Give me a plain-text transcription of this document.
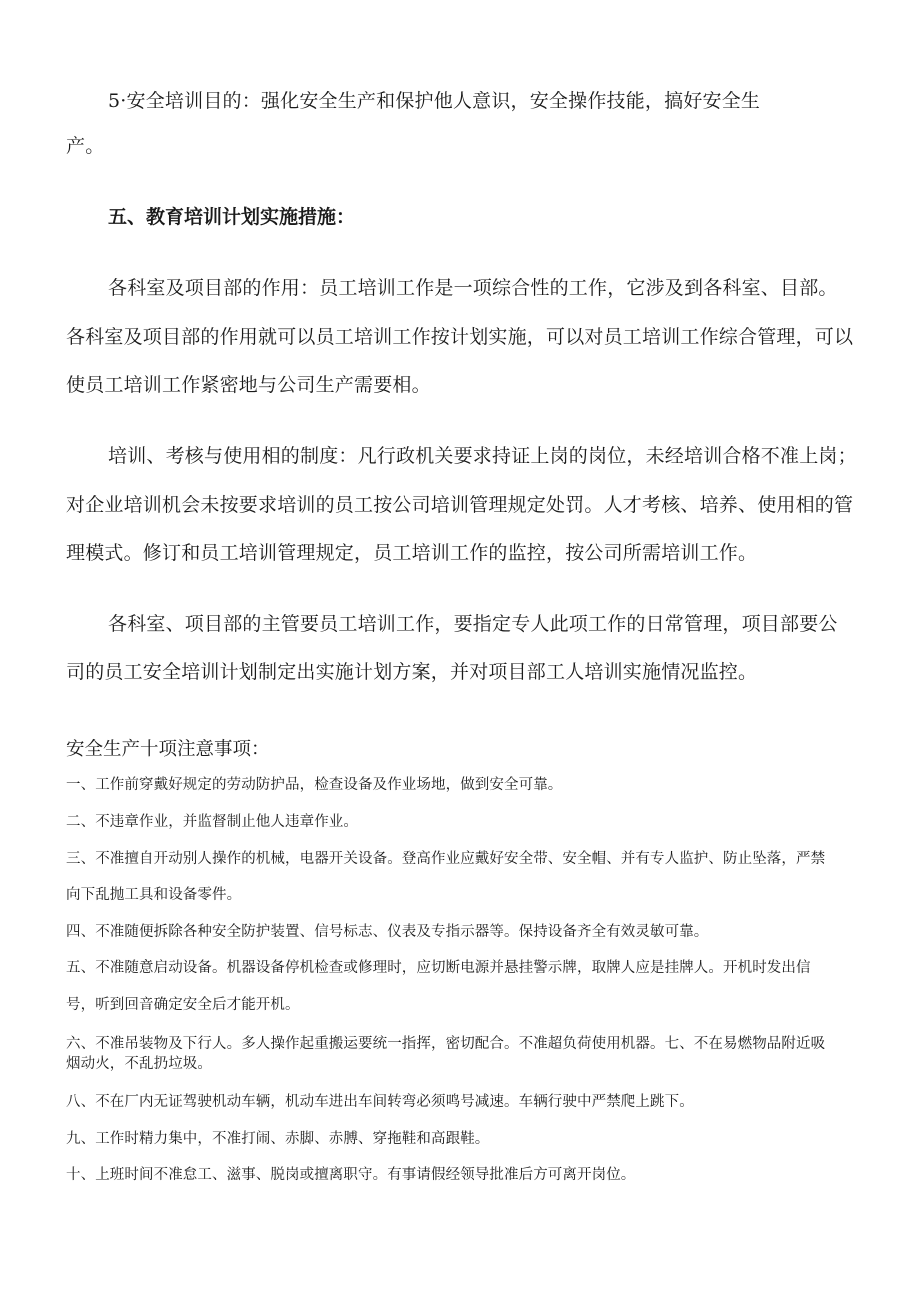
5·安全培训目的：强化安全生产和保护他人意识，安全操作技能，搞好安全生

产。

五、教育培训计划实施措施：

各科室及项目部的作用：员工培训工作是一项综合性的工作，它涉及到各科室、目部。

各科室及项目部的作用就可以员工培训工作按计划实施，可以对员工培训工作综合管理，可以

使员工培训工作紧密地与公司生产需要相。

培训、考核与使用相的制度：凡行政机关要求持证上岗的岗位，未经培训合格不准上岗；

对企业培训机会未按要求培训的员工按公司培训管理规定处罚。人才考核、培养、使用相的管

理模式。修订和员工培训管理规定，员工培训工作的监控，按公司所需培训工作。

各科室、项目部的主管要员工培训工作，要指定专人此项工作的日常管理，项目部要公

司的员工安全培训计划制定出实施计划方案，并对项目部工人培训实施情况监控。

安全生产十项注意事项：

一、工作前穿戴好规定的劳动防护品，检查设备及作业场地，做到安全可靠。

二、不违章作业，并监督制止他人违章作业。

三、不准擅自开动别人操作的机械，电器开关设备。登高作业应戴好安全带、安全帽、并有专人监护、防止坠落，严禁

向下乱抛工具和设备零件。

四、不准随便拆除各种安全防护装置、信号标志、仪表及专指示器等。保持设备齐全有效灵敏可靠。

五、不准随意启动设备。机器设备停机检查或修理时，应切断电源并悬挂警示牌，取牌人应是挂牌人。开机时发出信

号，听到回音确定安全后才能开机。

六、不准吊装物及下行人。多人操作起重搬运要统一指挥，密切配合。不准超负荷使用机器。七、不在易燃物品附近吸

烟动火，不乱扔垃圾。

八、不在厂内无证驾驶机动车辆，机动车进出车间转弯必须鸣号减速。车辆行驶中严禁爬上跳下。

九、工作时精力集中，不准打闹、赤脚、赤膊、穿拖鞋和高跟鞋。

十、上班时间不准怠工、滋事、脱岗或擅离职守。有事请假经领导批准后方可离开岗位。
